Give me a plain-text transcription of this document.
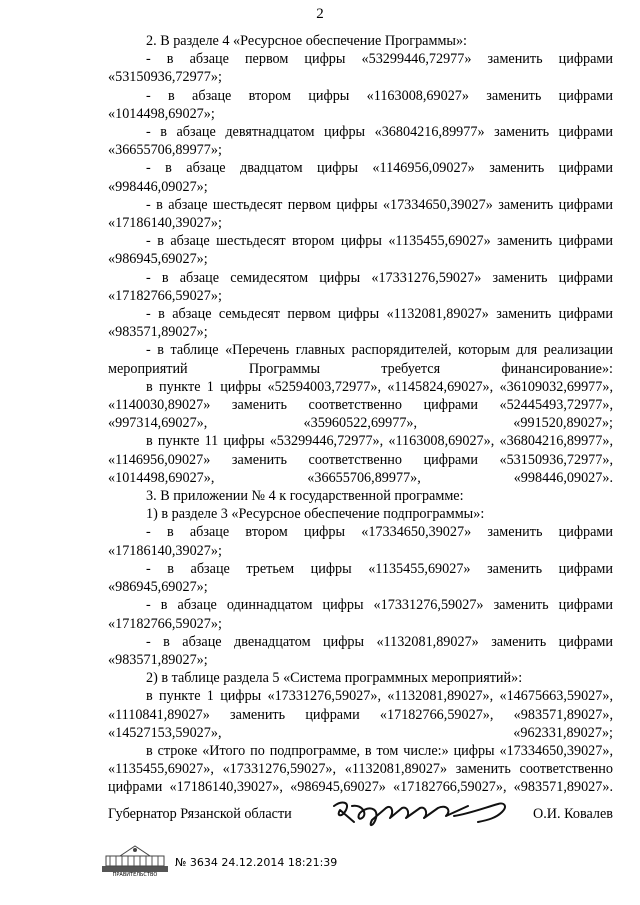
2

2. В разделе 4 «Ресурсное обеспечение Программы»:

- в абзаце первом цифры «53299446,72977» заменить цифрами «53150936,72977»;

- в абзаце втором цифры «1163008,69027» заменить цифрами «1014498,69027»;

- в абзаце девятнадцатом цифры «36804216,89977» заменить цифрами «36655706,89977»;

- в абзаце двадцатом цифры «1146956,09027» заменить цифрами «998446,09027»;

- в абзаце шестьдесят первом цифры «17334650,39027» заменить цифрами «17186140,39027»;

- в абзаце шестьдесят втором цифры «1135455,69027» заменить цифрами «986945,69027»;

- в абзаце семидесятом цифры «17331276,59027» заменить цифрами «17182766,59027»;

- в абзаце семьдесят первом цифры «1132081,89027» заменить цифрами «983571,89027»;

- в таблице «Перечень главных распорядителей, которым для реализации мероприятий Программы требуется финансирование»:

в пункте 1 цифры «52594003,72977», «1145824,69027», «36109032,69977», «1140030,89027» заменить соответственно цифрами «52445493,72977», «997314,69027», «35960522,69977», «991520,89027»;

в пункте 11 цифры «53299446,72977», «1163008,69027», «36804216,89977», «1146956,09027» заменить соответственно цифрами «53150936,72977», «1014498,69027», «36655706,89977», «998446,09027».

3. В приложении № 4 к государственной программе:

1) в разделе 3 «Ресурсное обеспечение подпрограммы»:

- в абзаце втором цифры «17334650,39027» заменить цифрами «17186140,39027»;

- в абзаце третьем цифры «1135455,69027» заменить цифрами «986945,69027»;

- в абзаце одиннадцатом цифры «17331276,59027» заменить цифрами «17182766,59027»;

- в абзаце двенадцатом цифры «1132081,89027» заменить цифрами «983571,89027»;

2) в таблице раздела 5 «Система программных мероприятий»:

в пункте 1 цифры «17331276,59027», «1132081,89027», «14675663,59027», «1110841,89027» заменить цифрами «17182766,59027», «983571,89027», «14527153,59027», «962331,89027»;

в строке «Итого по подпрограмме, в том числе:» цифры «17334650,39027», «1135455,69027», «17331276,59027», «1132081,89027» заменить соответственно цифрами «17186140,39027», «986945,69027» «17182766,59027», «983571,89027».

Губернатор Рязанской области	О.И. Ковалев
ПРАВИТЕЛЬСТВО
№ 3634 24.12.2014 18:21:39
